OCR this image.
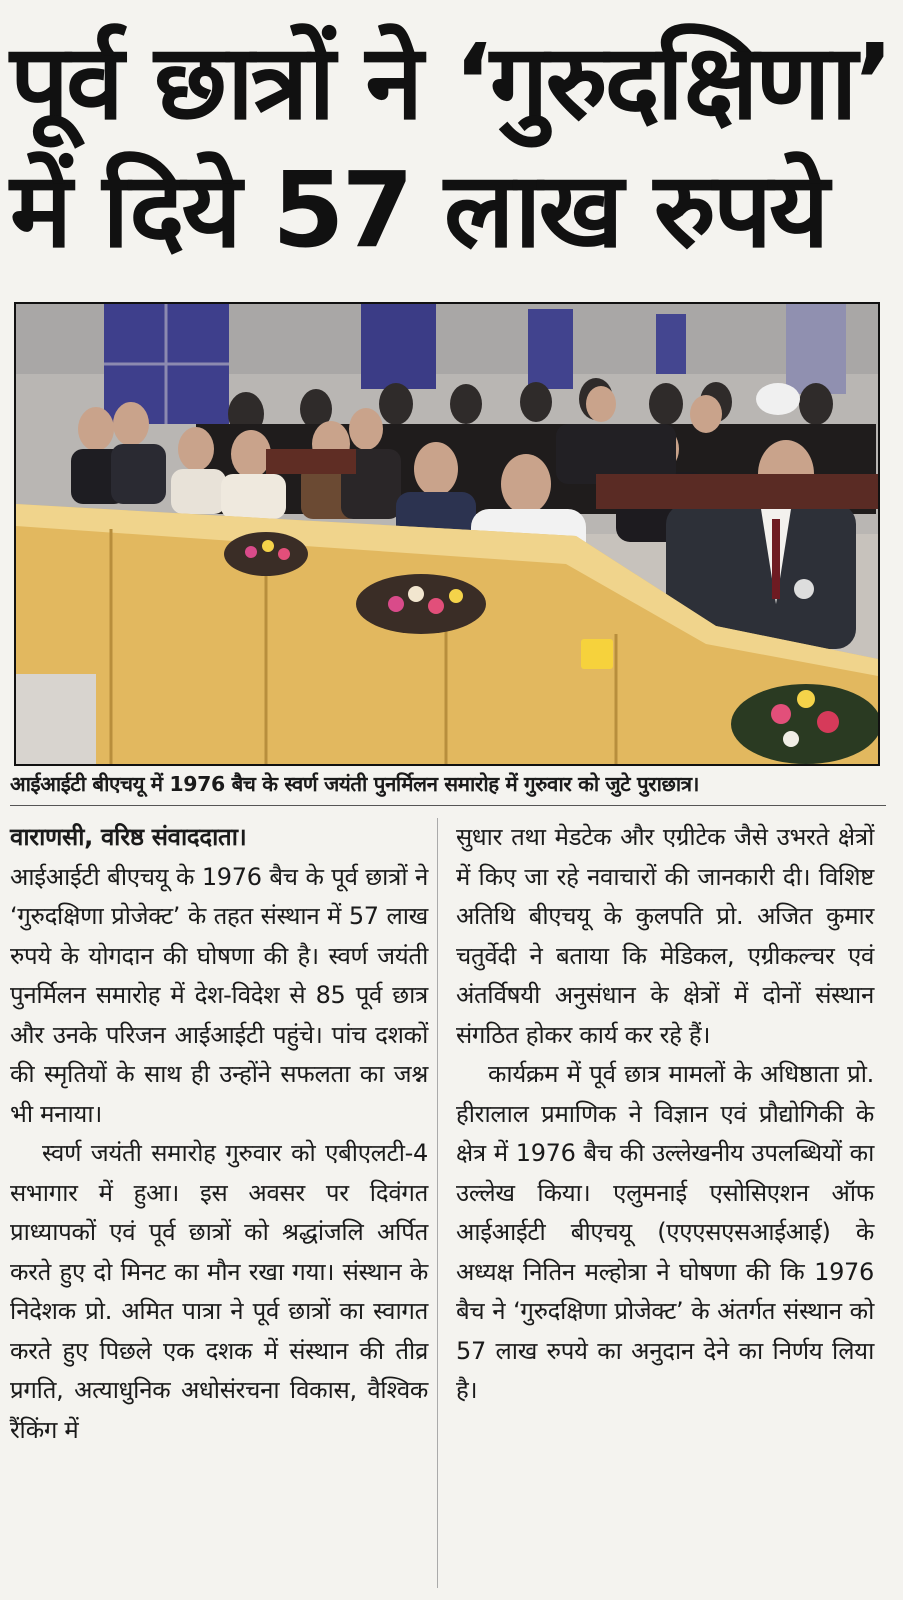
पूर्व छात्रों ने ‘गुरुदक्षिणा’
में दिये 57 लाख रुपये
आईआईटी बीएचयू में 1976 बैच के स्वर्ण जयंती पुनर्मिलन समारोह में गुरुवार को जुटे पुराछात्र।

वाराणसी, वरिष्ठ संवाददाता।

आईआईटी बीएचयू के 1976 बैच के पूर्व छात्रों ने ‘गुरुदक्षिणा प्रोजेक्ट’ के तहत संस्थान में 57 लाख रुपये के योगदान की घोषणा की है। स्वर्ण जयंती पुनर्मिलन समारोह में देश-विदेश से 85 पूर्व छात्र और उनके परिजन आईआईटी पहुंचे। पांच दशकों की स्मृतियों के साथ ही उन्होंने सफलता का जश्न भी मनाया।

स्वर्ण जयंती समारोह गुरुवार को एबीएलटी-4 सभागार में हुआ। इस अवसर पर दिवंगत प्राध्यापकों एवं पूर्व छात्रों को श्रद्धांजलि अर्पित करते हुए दो मिनट का मौन रखा गया। संस्थान के निदेशक प्रो. अमित पात्रा ने पूर्व छात्रों का स्वागत करते हुए पिछले एक दशक में संस्थान की तीव्र प्रगति, अत्याधुनिक अधोसंरचना विकास, वैश्विक रैंकिंग में

सुधार तथा मेडटेक और एग्रीटेक जैसे उभरते क्षेत्रों में किए जा रहे नवाचारों की जानकारी दी। विशिष्ट अतिथि बीएचयू के कुलपति प्रो. अजित कुमार चतुर्वेदी ने बताया कि मेडिकल, एग्रीकल्चर एवं अंतर्विषयी अनुसंधान के क्षेत्रों में दोनों संस्थान संगठित होकर कार्य कर रहे हैं।

कार्यक्रम में पूर्व छात्र मामलों के अधिष्ठाता प्रो. हीरालाल प्रमाणिक ने विज्ञान एवं प्रौद्योगिकी के क्षेत्र में 1976 बैच की उल्लेखनीय उपलब्धियों का उल्लेख किया। एलुमनाई एसोसिएशन ऑफ आईआईटी बीएचयू (एएएसएसआईआई) के अध्यक्ष नितिन मल्होत्रा ने घोषणा की कि 1976 बैच ने ‘गुरुदक्षिणा प्रोजेक्ट’ के अंतर्गत संस्थान को 57 लाख रुपये का अनुदान देने का निर्णय लिया है।
